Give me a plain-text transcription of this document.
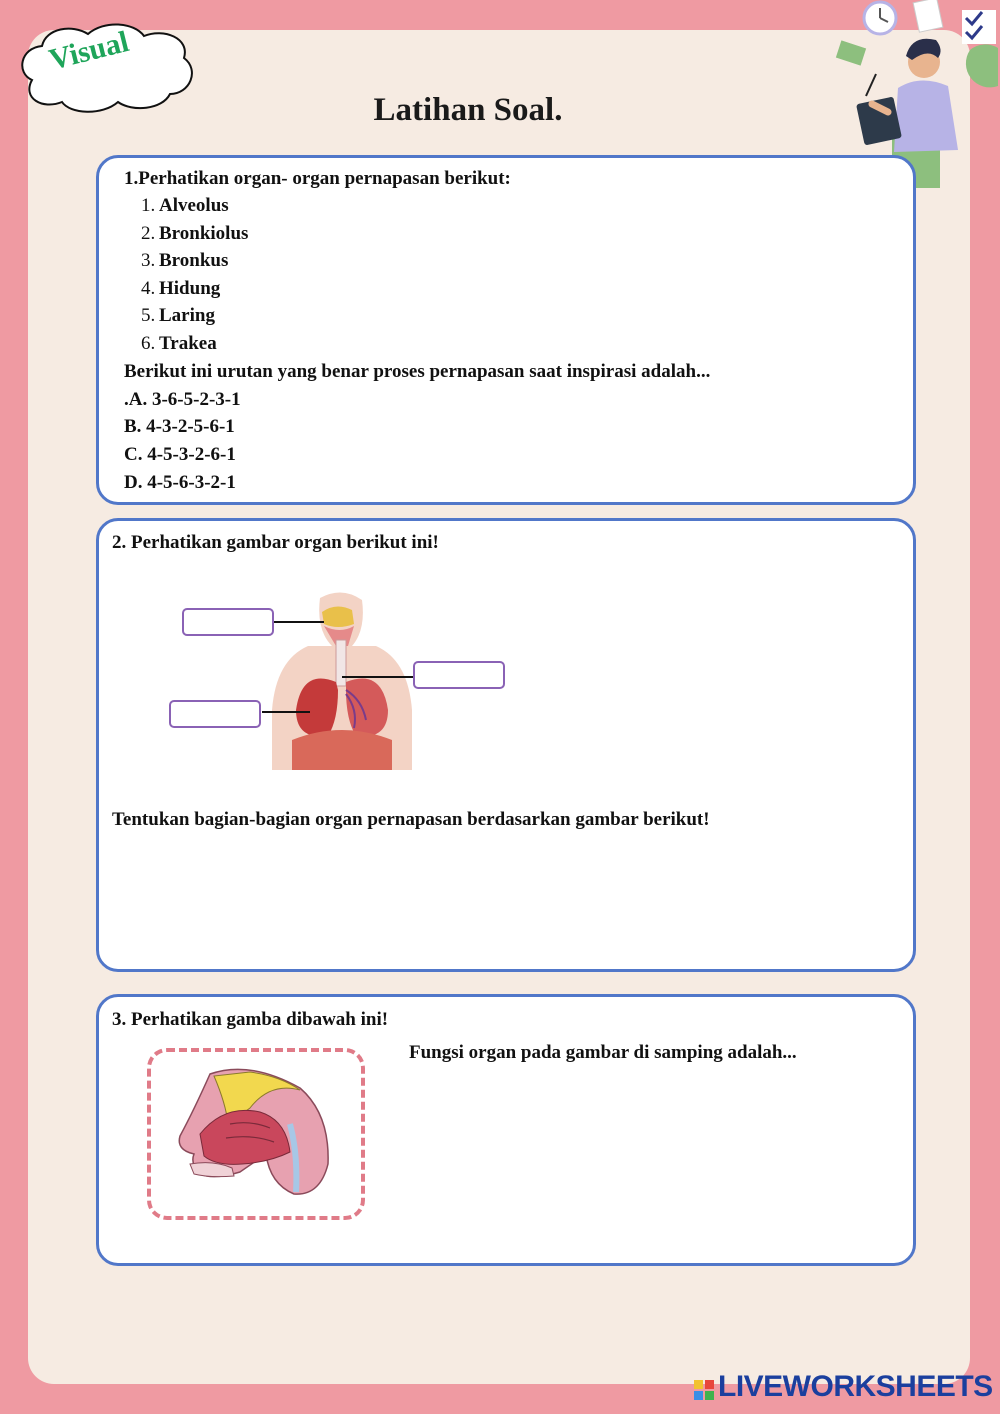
Visual
Latihan Soal.
1.Perhatikan organ- organ pernapasan berikut:
1. Alveolus
2. Bronkiolus
3. Bronkus
4. Hidung
5. Laring
6. Trakea
Berikut ini urutan yang benar proses pernapasan saat inspirasi adalah...
.A. 3-6-5-2-3-1
B. 4-3-2-5-6-1
C. 4-5-3-2-6-1
D. 4-5-6-3-2-1
2. Perhatikan gambar organ berikut ini!
Tentukan bagian-bagian organ pernapasan berdasarkan gambar berikut!
3. Perhatikan gamba dibawah ini!
Fungsi organ pada gambar di samping adalah...
LIVEWORKSHEETS
